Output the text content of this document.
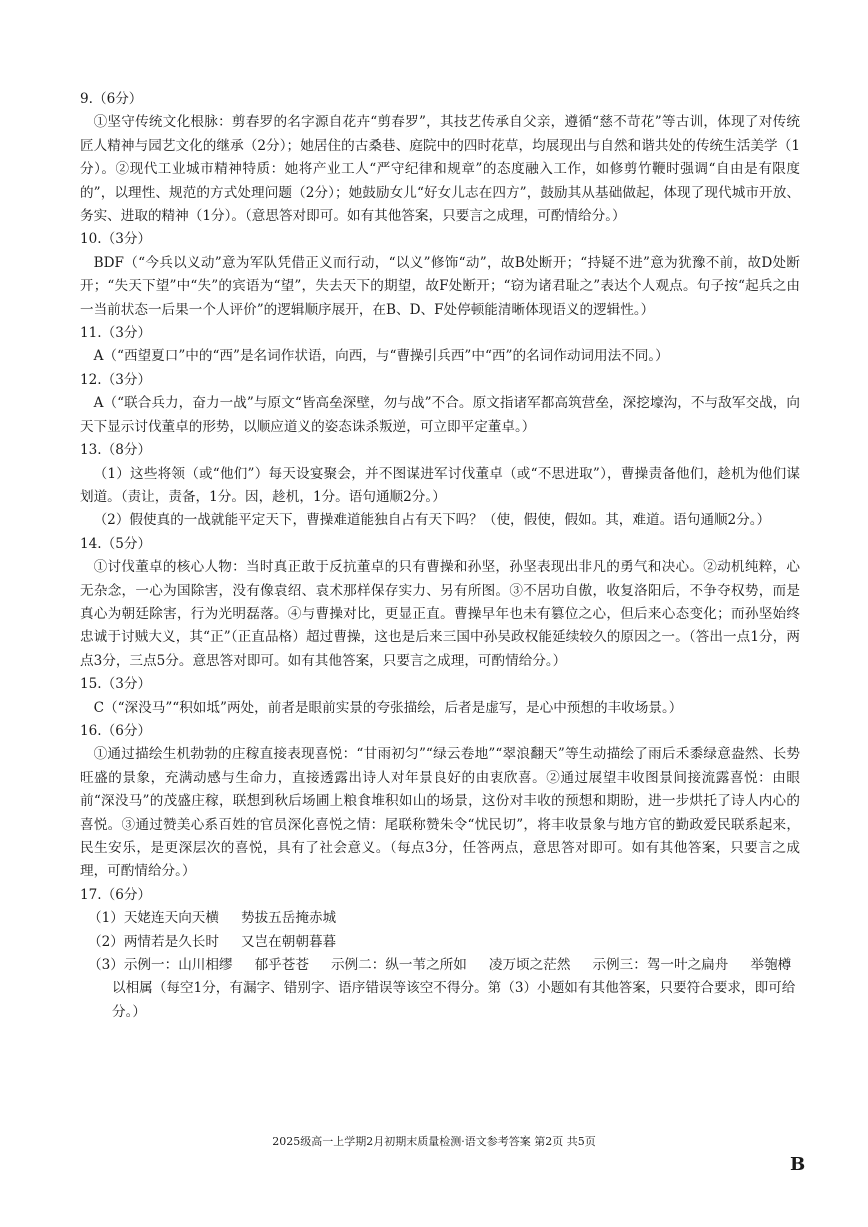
9.（6分）

①坚守传统文化根脉：剪春罗的名字源自花卉“剪春罗”，其技艺传承自父亲，遵循“慈不苛花”等古训，体现了对传统匠人精神与园艺文化的继承（2分）；她居住的古桑巷、庭院中的四时花草，均展现出与自然和谐共处的传统生活美学（1分）。②现代工业城市精神特质：她将产业工人“严守纪律和规章”的态度融入工作，如修剪竹鞭时强调“自由是有限度的”，以理性、规范的方式处理问题（2分）；她鼓励女儿“好女儿志在四方”，鼓励其从基础做起，体现了现代城市开放、务实、进取的精神（1分）。（意思答对即可。如有其他答案，只要言之成理，可酌情给分。）

10.（3分）

BDF（“今兵以义动”意为军队凭借正义而行动，“以义”修饰“动”，故B处断开；“持疑不进”意为犹豫不前，故D处断开；“失天下望”中“失”的宾语为“望”，失去天下的期望，故F处断开；“窃为诸君耻之”表达个人观点。句子按“起兵之由一当前状态一后果一个人评价”的逻辑顺序展开，在B、D、F处停顿能清晰体现语义的逻辑性。）

11.（3分）

A（“西望夏口”中的“西”是名词作状语，向西，与“曹操引兵西”中“西”的名词作动词用法不同。）

12.（3分）

A（“联合兵力，奋力一战”与原文“皆高垒深壁，勿与战”不合。原文指诸军都高筑营垒，深挖壕沟，不与敌军交战，向天下显示讨伐董卓的形势，以顺应道义的姿态诛杀叛逆，可立即平定董卓。）

13.（8分）

（1）这些将领（或“他们”）每天设宴聚会，并不图谋进军讨伐董卓（或“不思进取”），曹操责备他们，趁机为他们谋划道。（责让，责备，1分。因，趁机，1分。语句通顺2分。）

（2）假使真的一战就能平定天下，曹操难道能独自占有天下吗？（使，假使，假如。其，难道。语句通顺2分。）

14.（5分）

①讨伐董卓的核心人物：当时真正敢于反抗董卓的只有曹操和孙坚，孙坚表现出非凡的勇气和决心。②动机纯粹，心无杂念，一心为国除害，没有像袁绍、袁术那样保存实力、另有所图。③不居功自傲，收复洛阳后，不争夺权势，而是真心为朝廷除害，行为光明磊落。④与曹操对比，更显正直。曹操早年也未有篡位之心，但后来心态变化；而孙坚始终忠诚于讨贼大义，其“正”（正直品格）超过曹操，这也是后来三国中孙吴政权能延续较久的原因之一。（答出一点1分，两点3分，三点5分。意思答对即可。如有其他答案，只要言之成理，可酌情给分。）

15.（3分）

C（“深没马”“积如坻”两处，前者是眼前实景的夸张描绘，后者是虚写，是心中预想的丰收场景。）

16.（6分）

①通过描绘生机勃勃的庄稼直接表现喜悦：“甘雨初匀”“绿云卷地”“翠浪翻天”等生动描绘了雨后禾黍绿意盎然、长势旺盛的景象，充满动感与生命力，直接透露出诗人对年景良好的由衷欣喜。②通过展望丰收图景间接流露喜悦：由眼前“深没马”的茂盛庄稼，联想到秋后场圃上粮食堆积如山的场景，这份对丰收的预想和期盼，进一步烘托了诗人内心的喜悦。③通过赞美心系百姓的官员深化喜悦之情：尾联称赞朱令“忧民切”，将丰收景象与地方官的勤政爱民联系起来，民生安乐，是更深层次的喜悦，具有了社会意义。（每点3分，任答两点，意思答对即可。如有其他答案，只要言之成理，可酌情给分。）

17.（6分）

（1）天姥连天向天横 势拔五岳掩赤城

（2）两情若是久长时 又岂在朝朝暮暮

（3）示例一：山川相缪 郁乎苍苍 示例二：纵一苇之所如 凌万顷之茫然 示例三：驾一叶之扁舟 举匏樽以相属（每空1分，有漏字、错别字、语序错误等该空不得分。第（3）小题如有其他答案，只要符合要求，即可给分。）

2025级高一上学期2月初期末质量检测·语文参考答案 第2页 共5页
B
